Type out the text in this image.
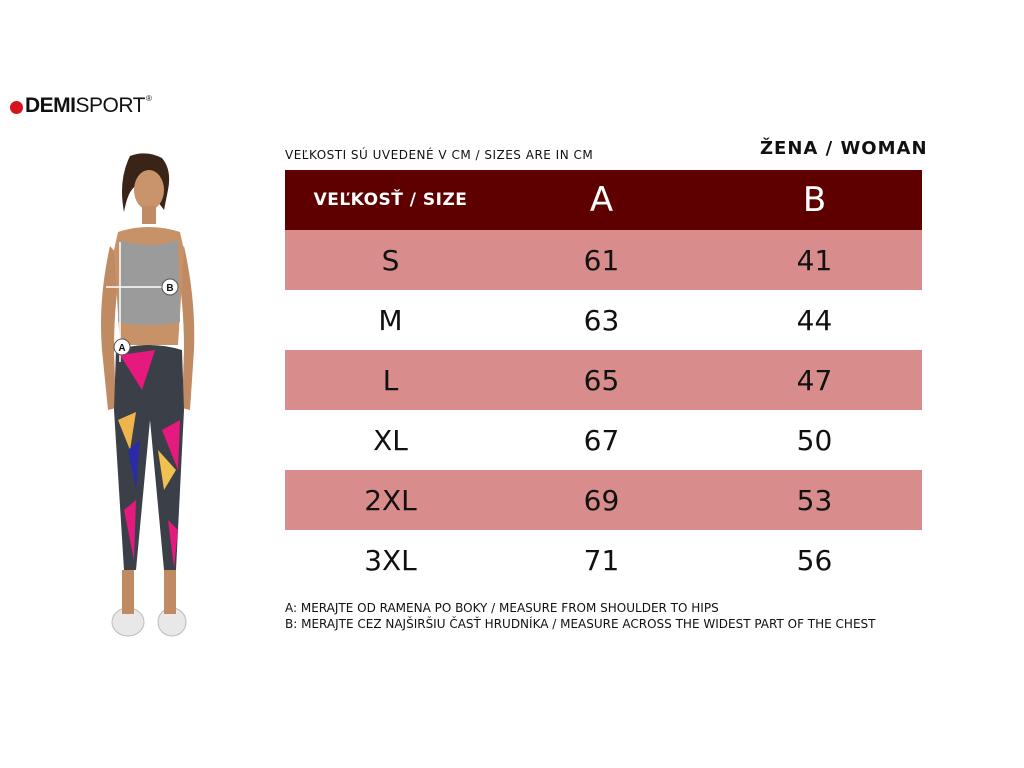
DEMI SPORT ®
VEĽKOSTI SÚ UVEDENÉ V CM / SIZES ARE IN CM	ŽENA / WOMAN
VEĽKOSŤ / SIZE	A	B
S	61	41
M	63	44
L	65	47
XL	67	50
2XL	69	53
3XL	71	56
A: MERAJTE OD RAMENA PO BOKY / MEASURE FROM SHOULDER TO HIPS
B: MERAJTE CEZ NAJŠIRŠIU ČASŤ HRUDNÍKA / MEASURE ACROSS THE WIDEST PART OF THE CHEST
A
B
